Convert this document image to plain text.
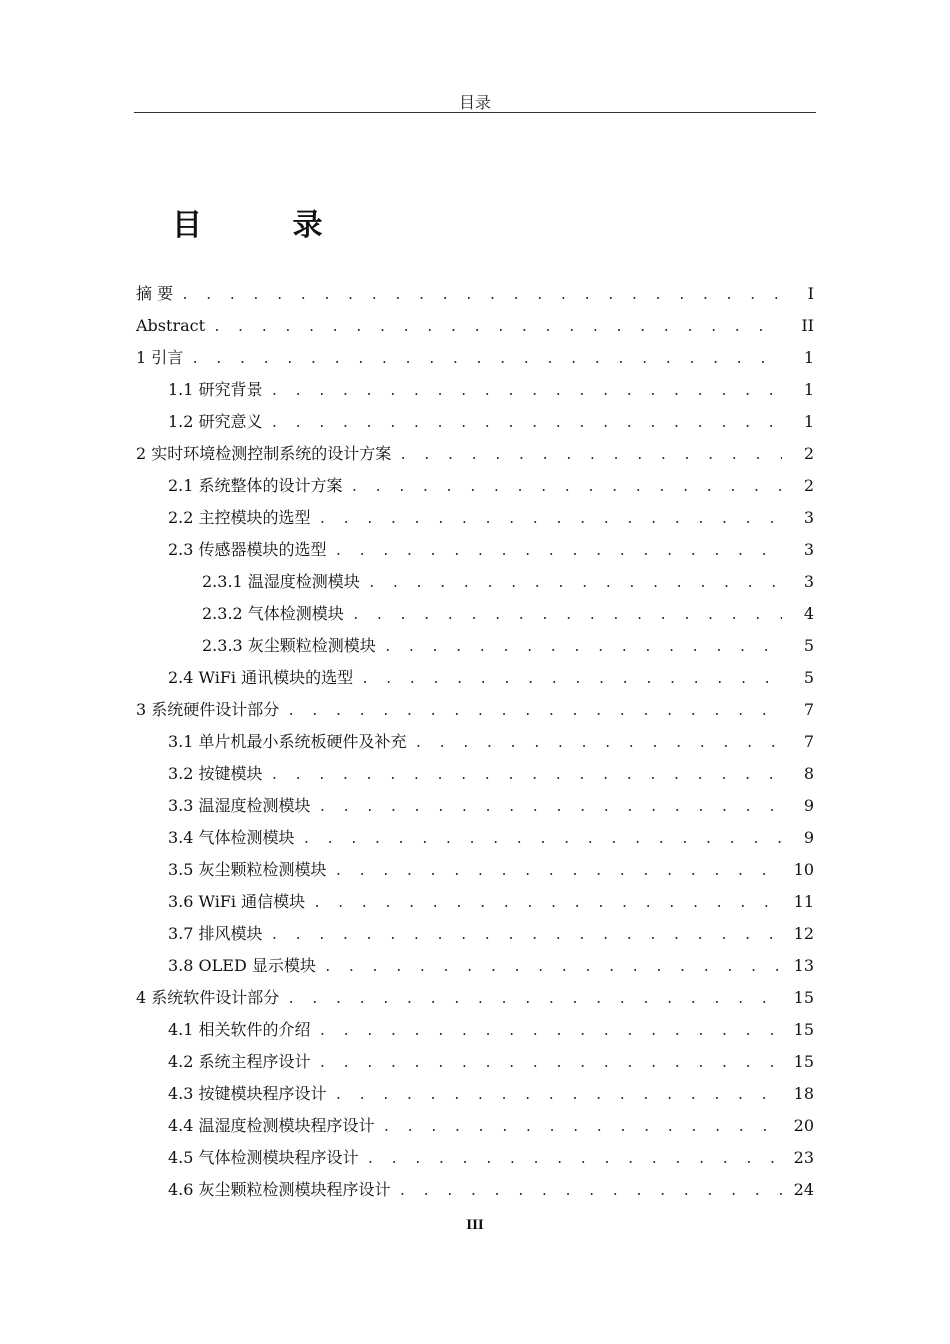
目录
目 录
摘 要 . . .	I
Abstract . . .	II
1 引言 . . .	1
1.1 研究背景 . . .	1
1.2 研究意义 . . .	1
2 实时环境检测控制系统的设计方案 . . .	2
2.1 系统整体的设计方案 . . .	2
2.2 主控模块的选型 . . .	3
2.3 传感器模块的选型 . . .	3
2.3.1 温湿度检测模块 . . .	3
2.3.2 气体检测模块 . . .	4
2.3.3 灰尘颗粒检测模块 . . .	5
2.4 WiFi 通讯模块的选型 . . .	5
3 系统硬件设计部分 . . .	7
3.1 单片机最小系统板硬件及补充 . . .	7
3.2 按键模块 . . .	8
3.3 温湿度检测模块 . . .	9
3.4 气体检测模块 . . .	9
3.5 灰尘颗粒检测模块 . . .	10
3.6 WiFi 通信模块 . . .	11
3.7 排风模块 . . .	12
3.8 OLED 显示模块 . . .	13
4 系统软件设计部分 . . .	15
4.1 相关软件的介绍 . . .	15
4.2 系统主程序设计 . . .	15
4.3 按键模块程序设计 . . .	18
4.4 温湿度检测模块程序设计 . . .	20
4.5 气体检测模块程序设计 . . .	23
4.6 灰尘颗粒检测模块程序设计 . . .	24
III
